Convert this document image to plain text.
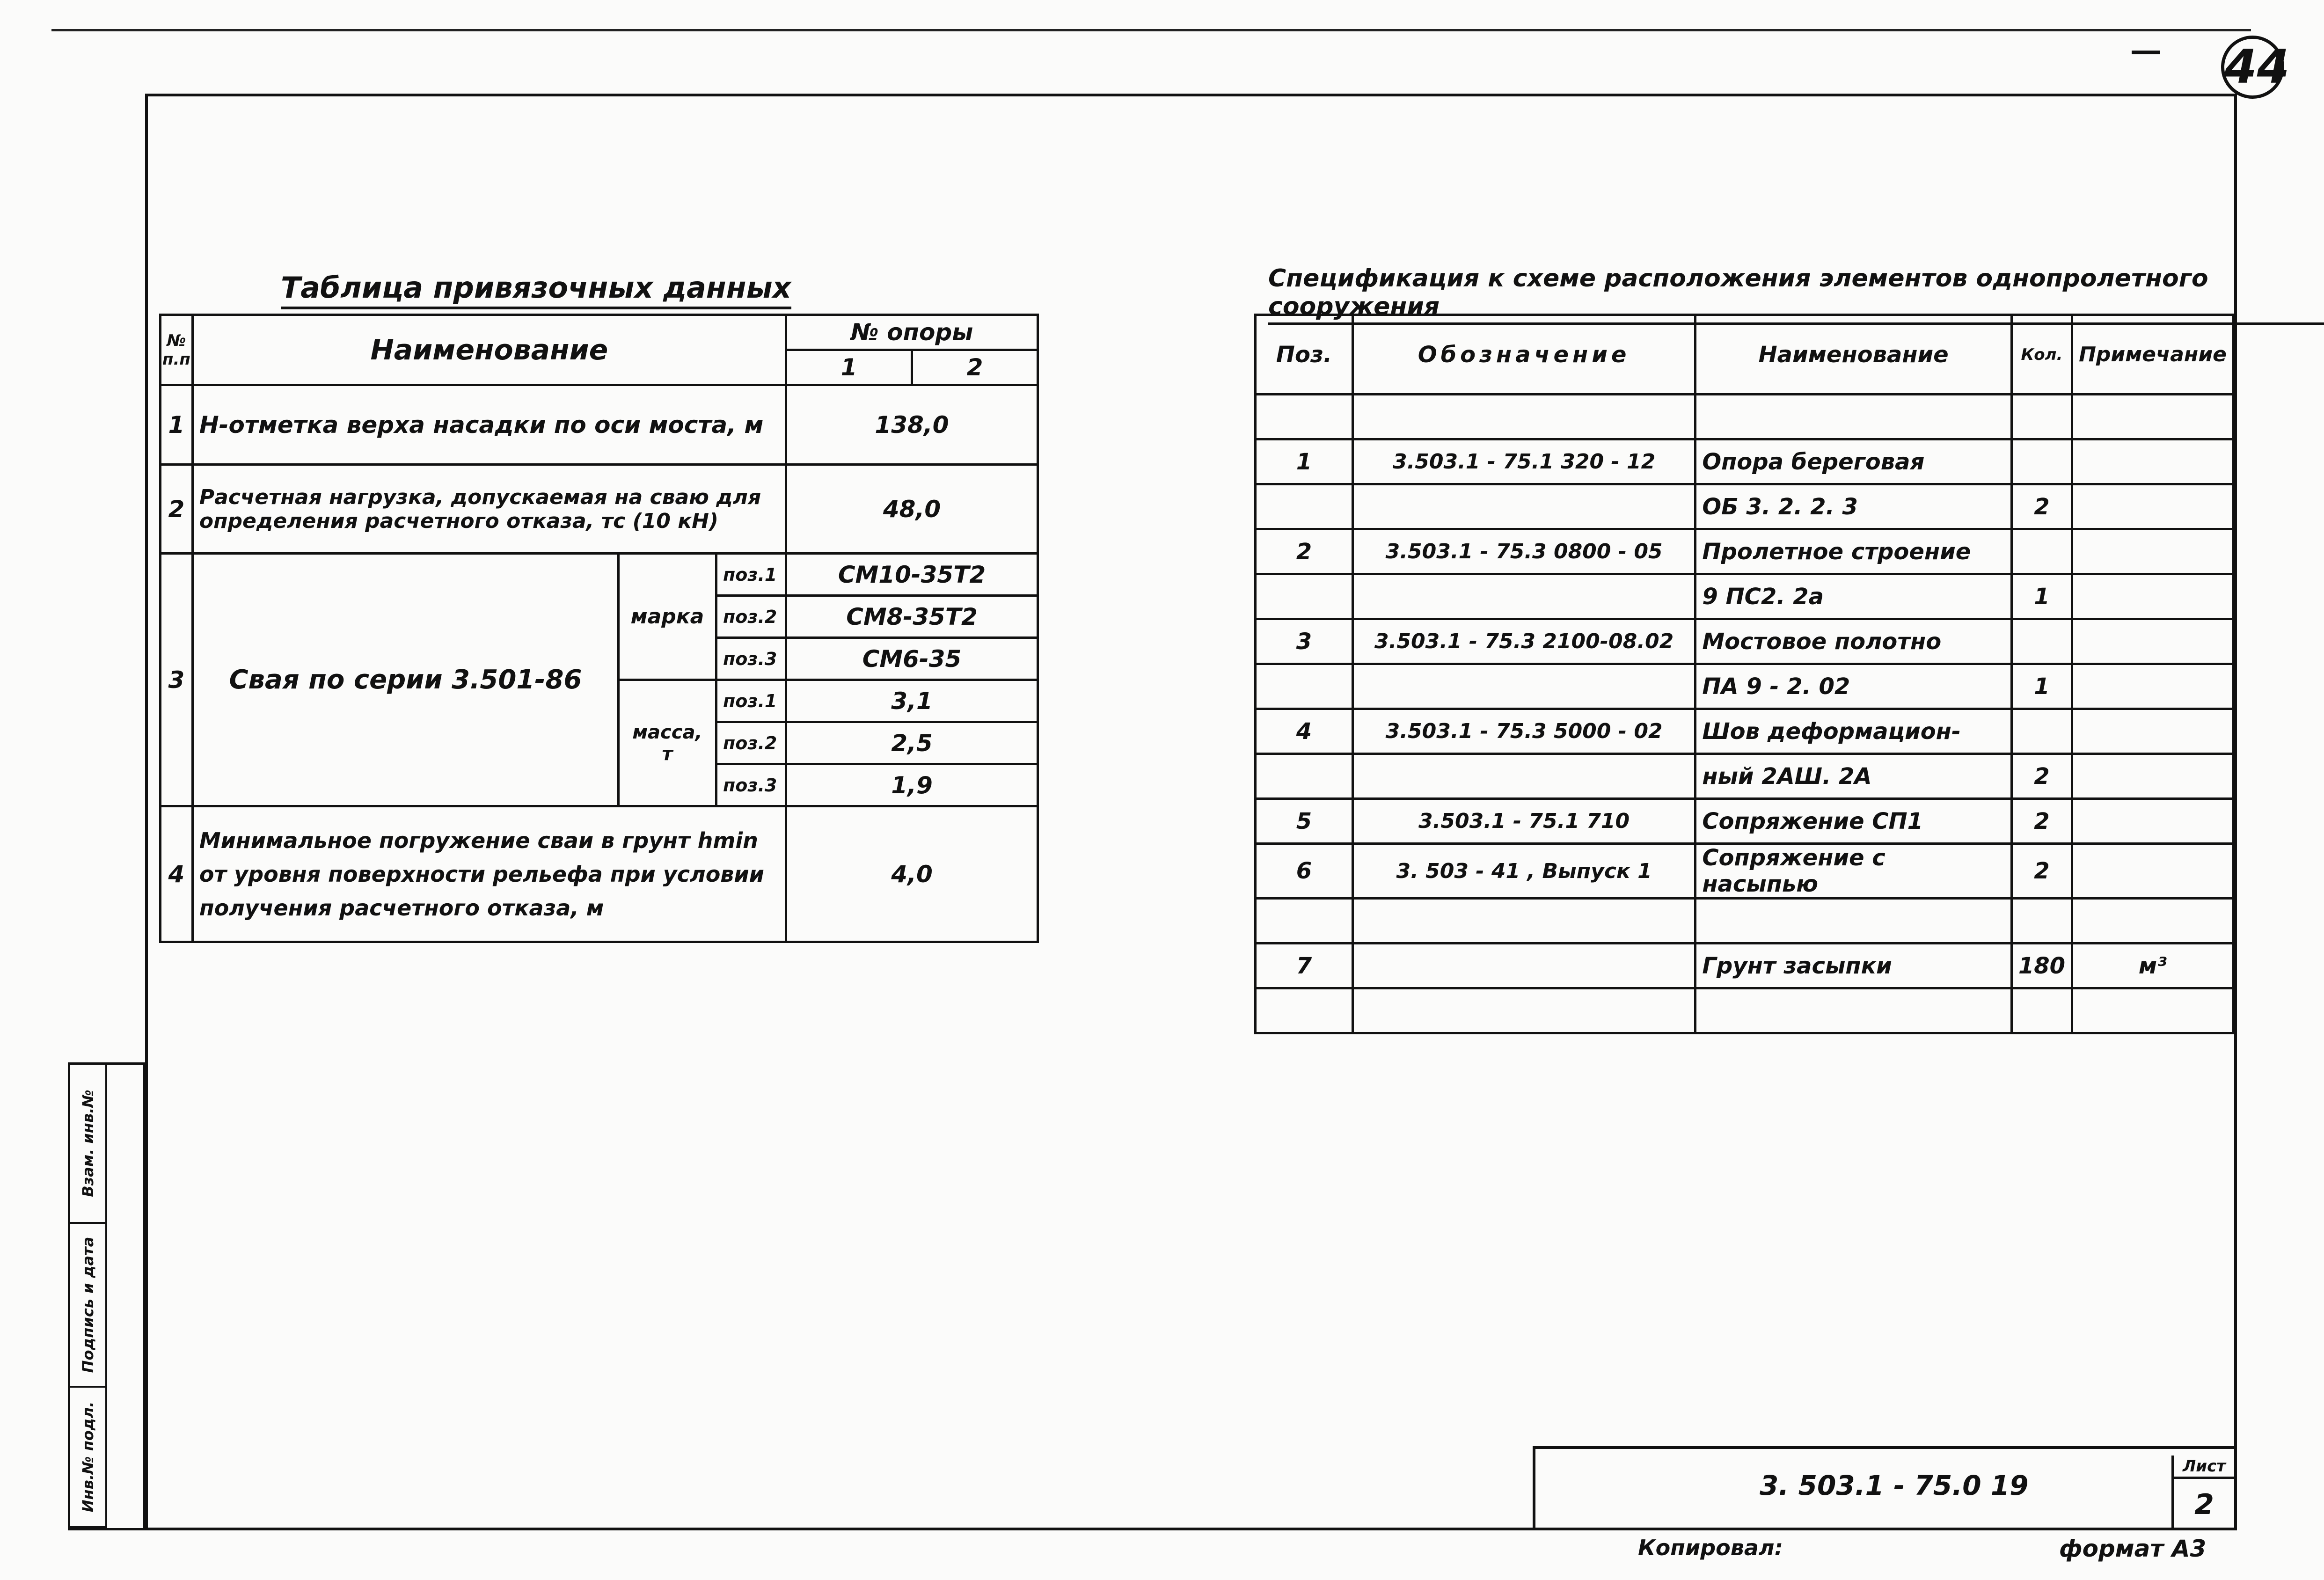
44
Инв.№ подл.
Подпись и дата
Взам. инв.№
Таблица привязочных данных
№ п.п	Наименование			№ опоры	
				1	2
1	Н-отметка верха насадки по оси моста, м			138,0	
2	Расчетная нагрузка, допускаемая на сваю для определения расчетного отказа, тс (10 кН)			48,0	
3	Свая по серии 3.501-86	марка	поз.1	СМ10-35Т2	
			поз.2	СМ8-35Т2	
			поз.3	СМ6-35	
		масса, т	поз.1	3,1	
			поз.2	2,5	
			поз.3	1,9	
4	Минимальное погружение сваи в грунт hmin от уровня поверхности рельефа при условии получения расчетного отказа, м			4,0	
Спецификация к схеме расположения элементов однопролетного сооружения
Поз.	Обозначение	Наименование	Кол.	Примечание

1	3.503.1 - 75.1 320 - 12	Опора береговая		
		ОБ 3. 2. 2. 3	2	
2	3.503.1 - 75.3 0800 - 05	Пролетное строение		
		9 ПС2. 2а	1	
3	3.503.1 - 75.3 2100-08.02	Мостовое полотно		
		ПА 9 - 2. 02	1	
4	3.503.1 - 75.3 5000 - 02	Шов деформацион-		
		ный 2АШ. 2А	2	
5	3.503.1 - 75.1 710	Сопряжение СП1	2	
6	3. 503 - 41 , Выпуск 1	Сопряжение с насыпью	2	

7		Грунт засыпки	180	м³

3. 503.1 - 75.0 19
Лист
2
Копировал:	формат А3
